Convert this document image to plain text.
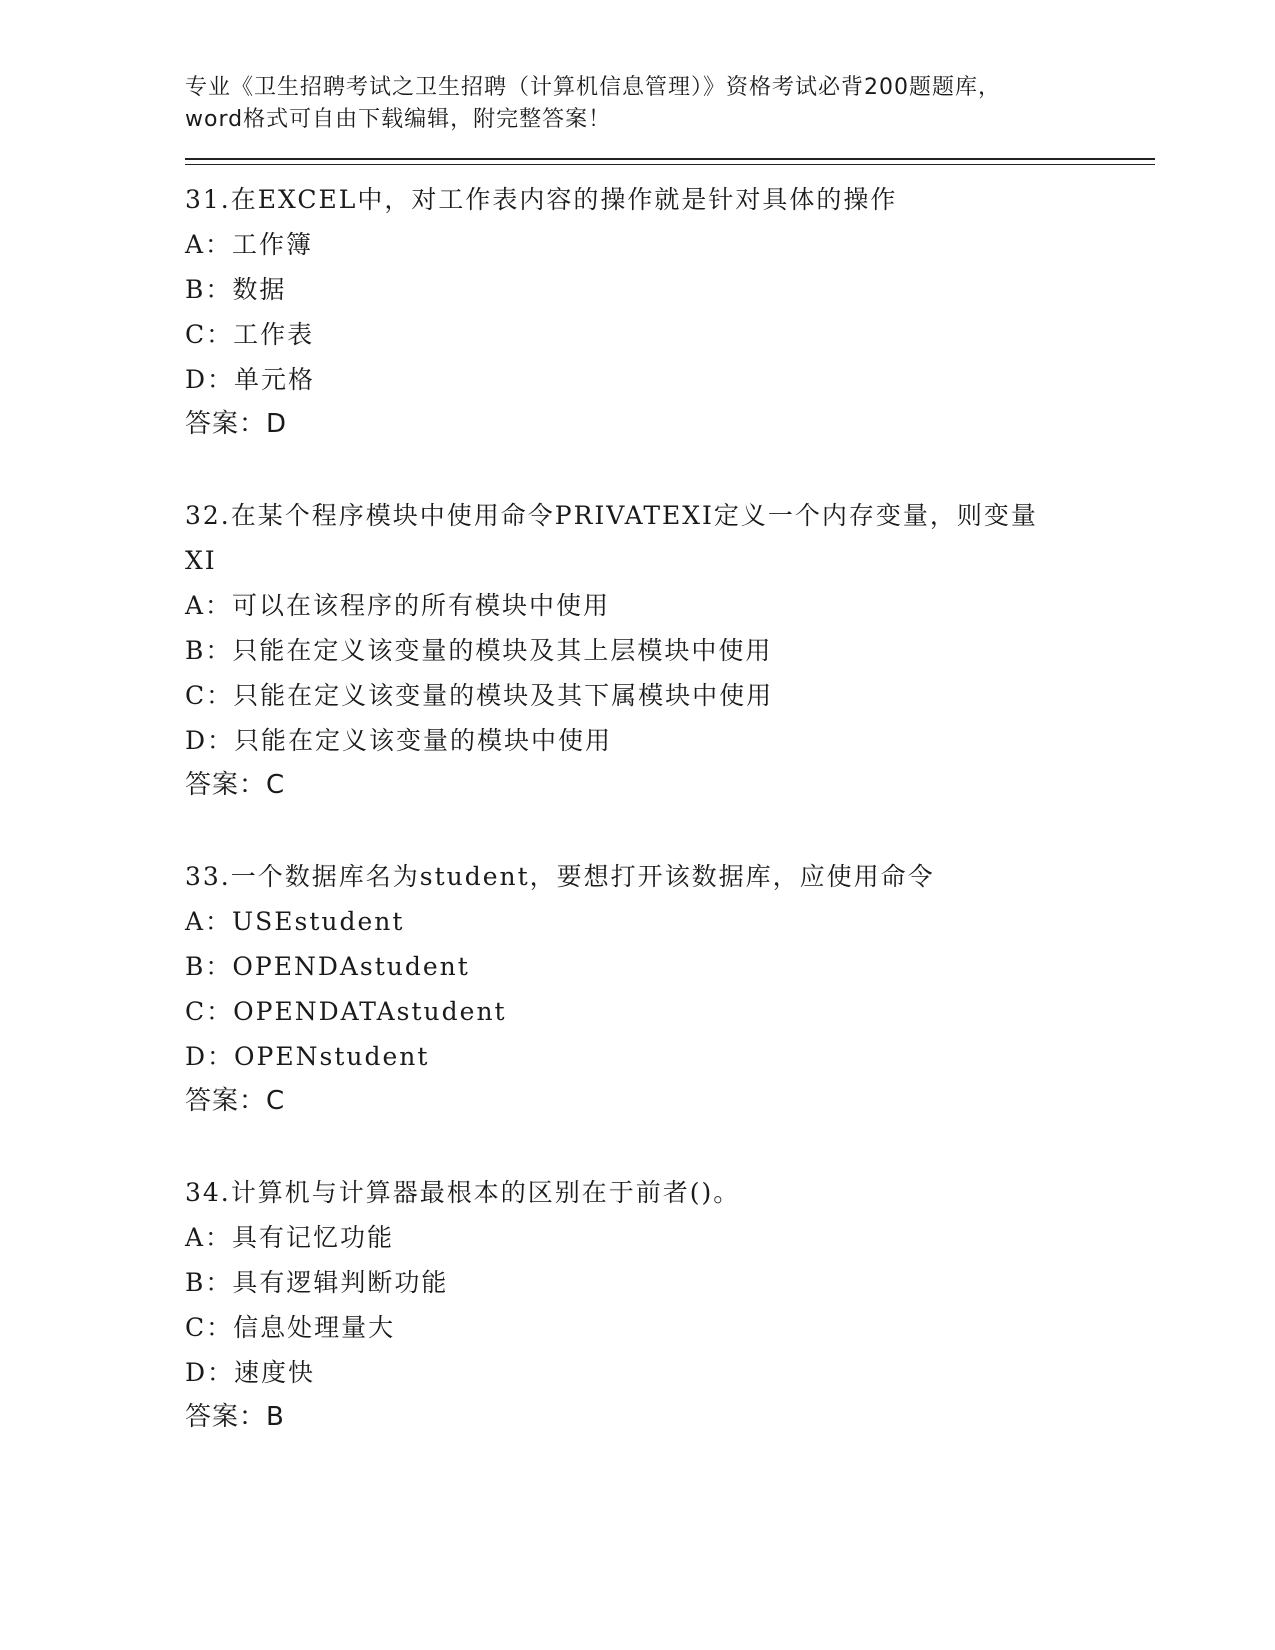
专业《卫生招聘考试之卫生招聘（计算机信息管理）》资格考试必背200题题库，
word格式可自由下载编辑，附完整答案！
31.在EXCEL中，对工作表内容的操作就是针对具体的操作
A：工作簿
B：数据
C：工作表
D：单元格
答案：D
32.在某个程序模块中使用命令PRIVATEXI定义一个内存变量，则变量XI
A：可以在该程序的所有模块中使用
B：只能在定义该变量的模块及其上层模块中使用
C：只能在定义该变量的模块及其下属模块中使用
D：只能在定义该变量的模块中使用
答案：C
33.一个数据库名为student，要想打开该数据库，应使用命令
A：USEstudent
B：OPENDAstudent
C：OPENDATAstudent
D：OPENstudent
答案：C
34.计算机与计算器最根本的区别在于前者()。
A：具有记忆功能
B：具有逻辑判断功能
C：信息处理量大
D：速度快
答案：B
